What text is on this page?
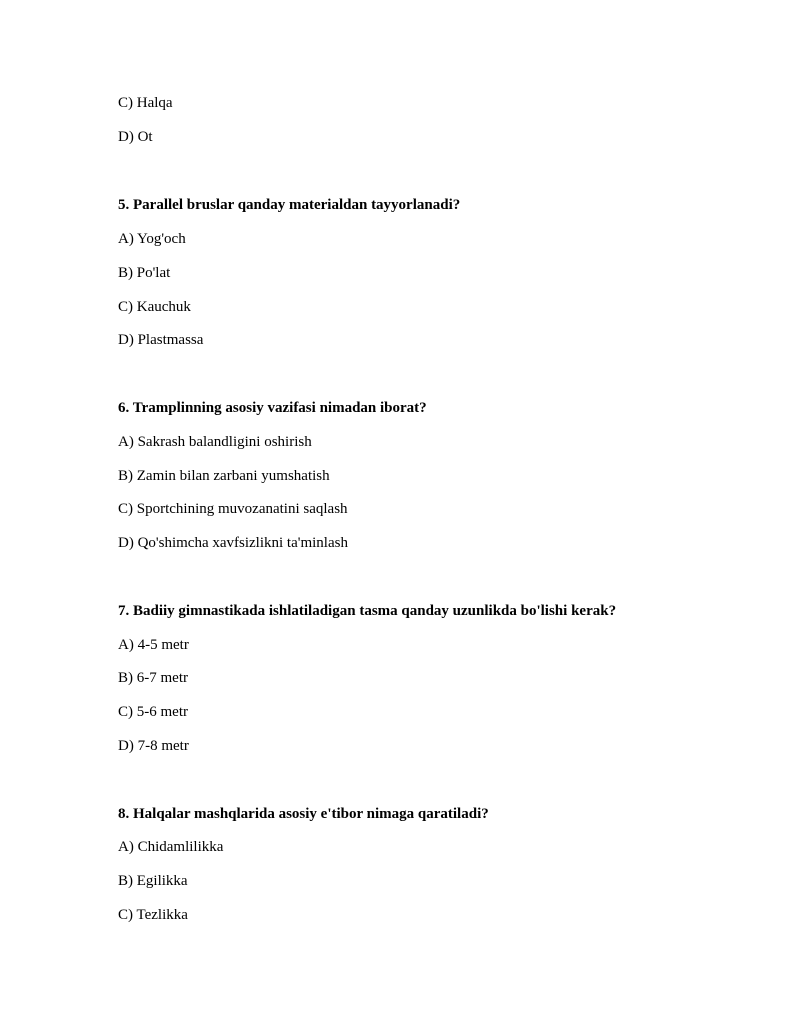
C) Halqa
D) Ot
5. Parallel bruslar qanday materialdan tayyorlanadi?
A) Yog'och
B) Po'lat
C) Kauchuk
D) Plastmassa
6. Tramplinning asosiy vazifasi nimadan iborat?
A) Sakrash balandligini oshirish
B) Zamin bilan zarbani yumshatish
C) Sportchining muvozanatini saqlash
D) Qo'shimcha xavfsizlikni ta'minlash
7. Badiiy gimnastikada ishlatiladigan tasma qanday uzunlikda bo'lishi kerak?
A) 4-5 metr
B) 6-7 metr
C) 5-6 metr
D) 7-8 metr
8. Halqalar mashqlarida asosiy e'tibor nimaga qaratiladi?
A) Chidamlilikka
B) Egilikka
C) Tezlikka
